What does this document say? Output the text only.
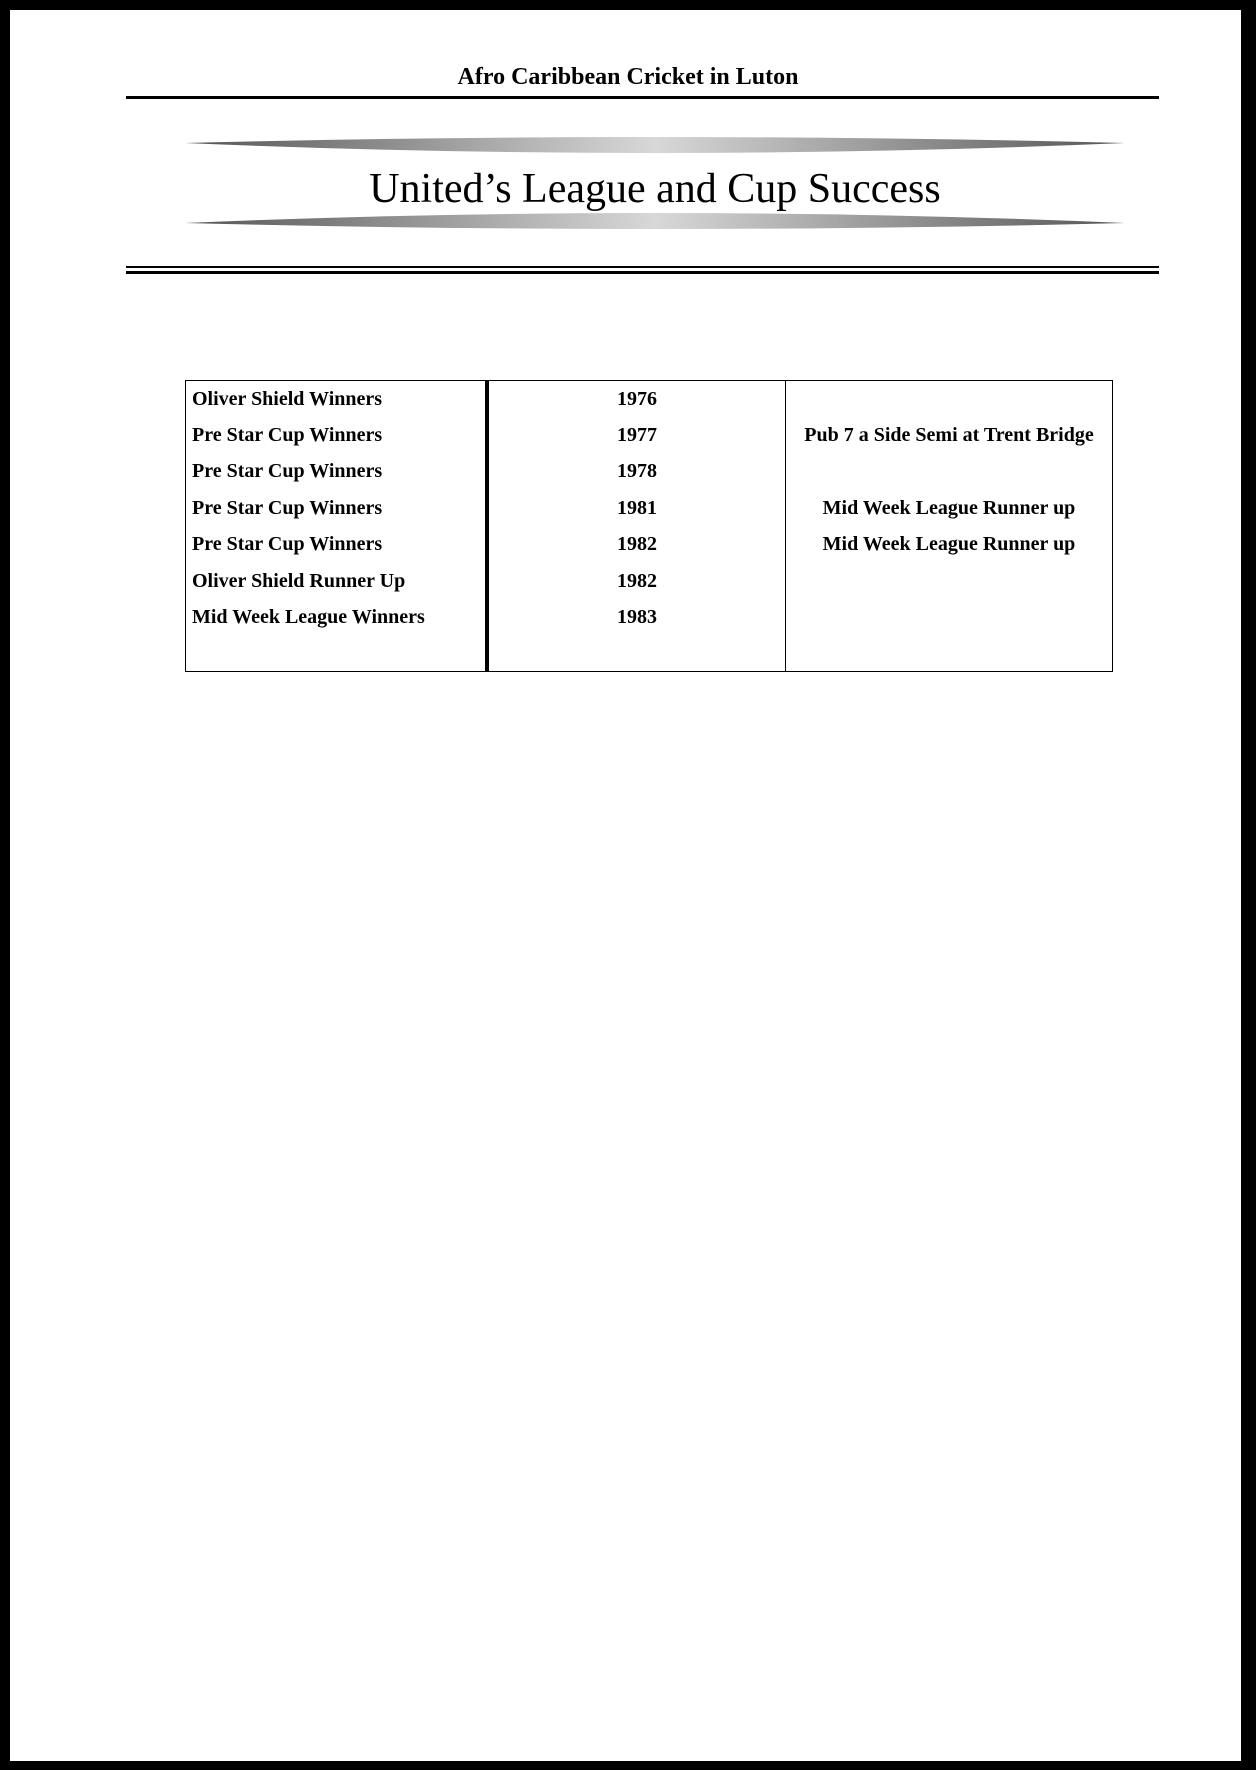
Afro Caribbean Cricket in Luton
United’s League and Cup Success
Oliver Shield Winners	1976
Pre Star Cup Winners	1977	Pub 7 a Side Semi at Trent Bridge
Pre Star Cup Winners	1978
Pre Star Cup Winners	1981	Mid Week League Runner up
Pre Star Cup Winners	1982	Mid Week League Runner up
Oliver Shield Runner Up	1982
Mid Week League Winners	1983
